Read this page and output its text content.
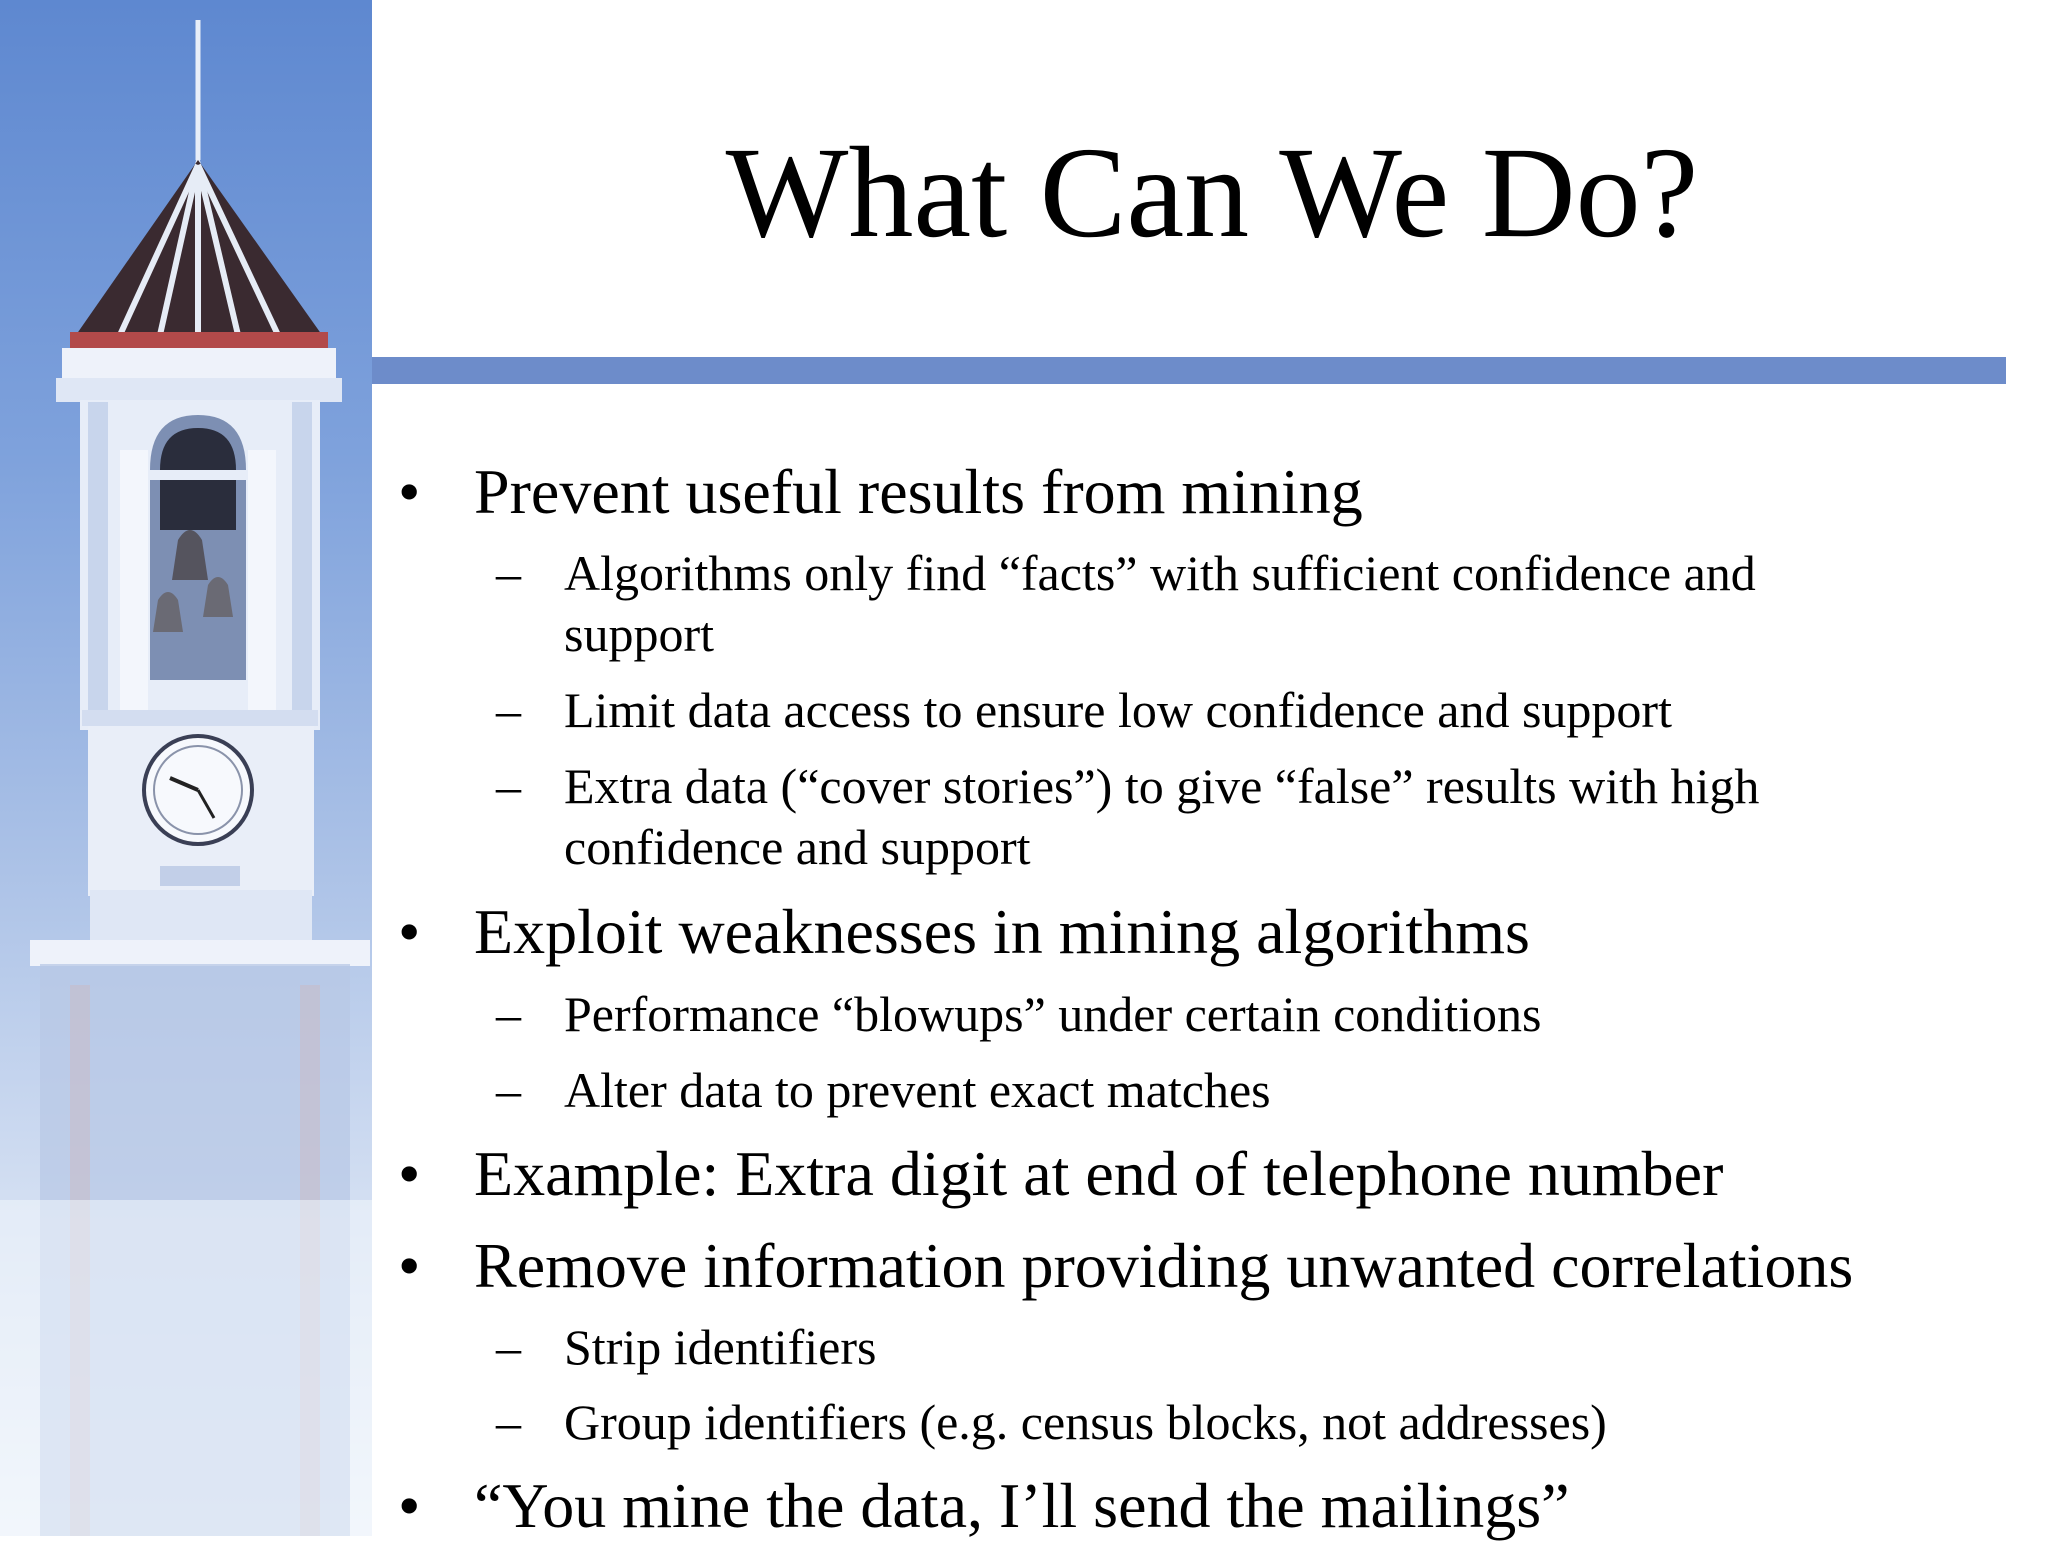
What Can We Do?
• Prevent useful results from mining
– Algorithms only find “facts” with sufficient confidence and
support
– Limit data access to ensure low confidence and support
– Extra data (“cover stories”) to give “false” results with high
confidence and support
• Exploit weaknesses in mining algorithms
– Performance “blowups” under certain conditions
– Alter data to prevent exact matches
• Example: Extra digit at end of telephone number
• Remove information providing unwanted correlations
– Strip identifiers
– Group identifiers (e.g. census blocks, not addresses)
• “You mine the data, I’ll send the mailings”
